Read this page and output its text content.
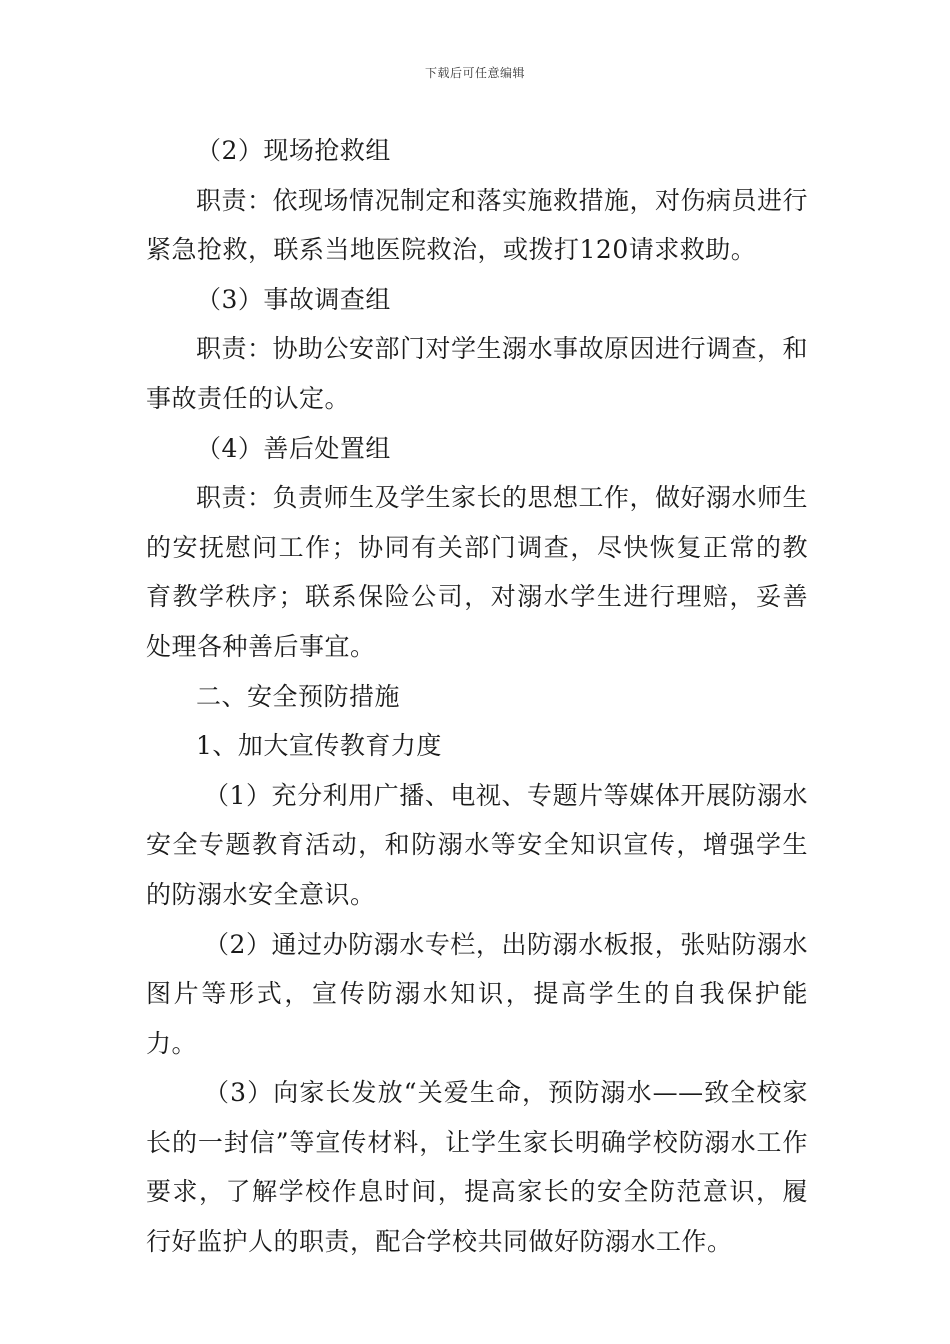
下载后可任意编辑

（2）现场抢救组

职责：依现场情况制定和落实施救措施，对伤病员进行紧急抢救，联系当地医院救治，或拨打120请求救助。

（3）事故调查组

职责：协助公安部门对学生溺水事故原因进行调查，和事故责任的认定。

（4）善后处置组

职责：负责师生及学生家长的思想工作，做好溺水师生的安抚慰问工作；协同有关部门调查，尽快恢复正常的教育教学秩序；联系保险公司，对溺水学生进行理赔，妥善处理各种善后事宜。

二、安全预防措施

1、加大宣传教育力度

（1）充分利用广播、电视、专题片等媒体开展防溺水安全专题教育活动，和防溺水等安全知识宣传，增强学生的防溺水安全意识。

（2）通过办防溺水专栏，出防溺水板报，张贴防溺水图片等形式，宣传防溺水知识，提高学生的自我保护能力。

（3）向家长发放“关爱生命，预防溺水——致全校家长的一封信”等宣传材料，让学生家长明确学校防溺水工作要求，了解学校作息时间，提高家长的安全防范意识，履行好监护人的职责，配合学校共同做好防溺水工作。
